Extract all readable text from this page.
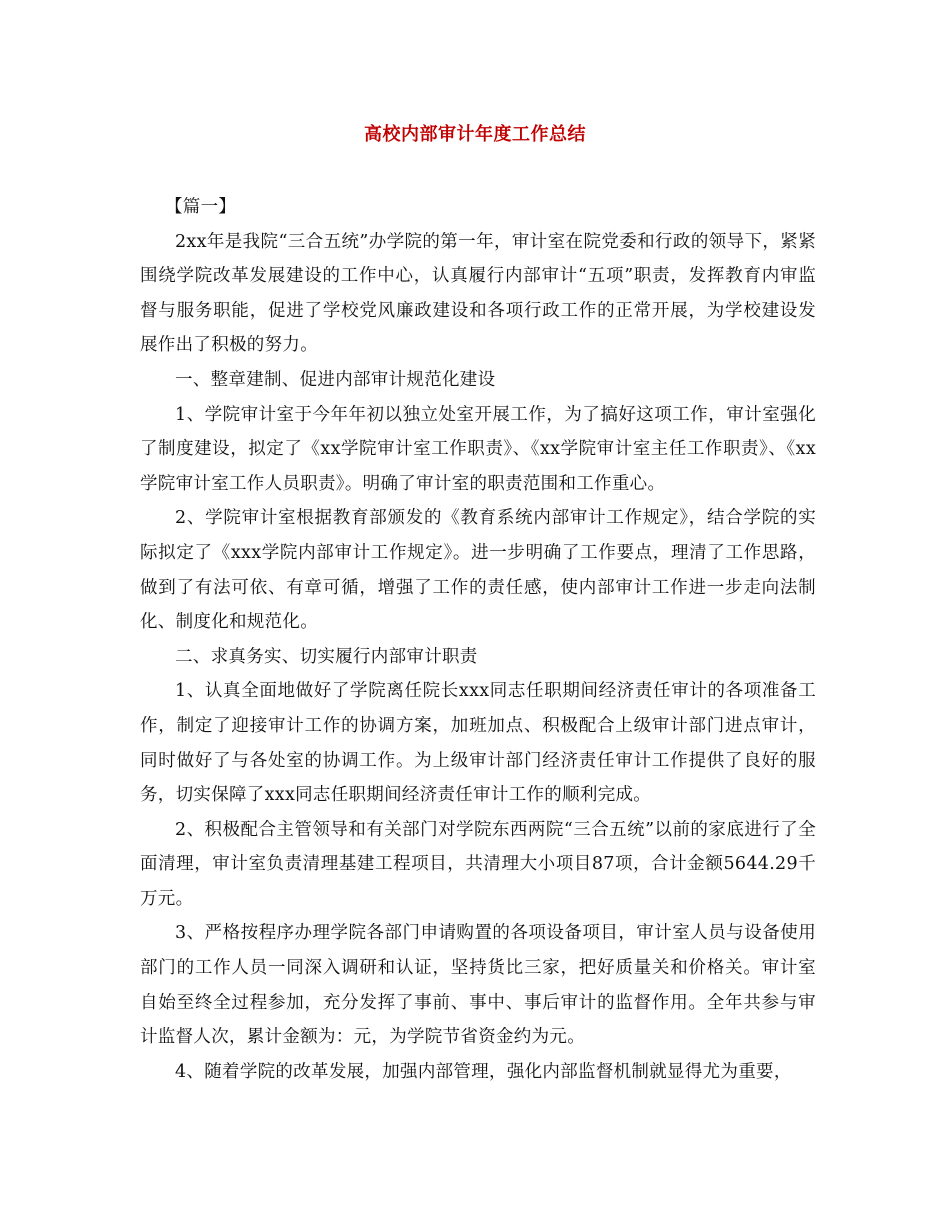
高校内部审计年度工作总结

【篇一】

2xx年是我院“三合五统”办学院的第一年，审计室在院党委和行政的领导下，紧紧围绕学院改革发展建设的工作中心，认真履行内部审计“五项”职责，发挥教育内审监督与服务职能，促进了学校党风廉政建设和各项行政工作的正常开展，为学校建设发展作出了积极的努力。

一、整章建制、促进内部审计规范化建设

1、学院审计室于今年年初以独立处室开展工作，为了搞好这项工作，审计室强化了制度建设，拟定了《xx学院审计室工作职责》、《xx学院审计室主任工作职责》、《xx学院审计室工作人员职责》。明确了审计室的职责范围和工作重心。

2、学院审计室根据教育部颁发的《教育系统内部审计工作规定》，结合学院的实际拟定了《xxx学院内部审计工作规定》。进一步明确了工作要点，理清了工作思路，做到了有法可依、有章可循，增强了工作的责任感，使内部审计工作进一步走向法制化、制度化和规范化。

二、求真务实、切实履行内部审计职责

1、认真全面地做好了学院离任院长xxx同志任职期间经济责任审计的各项准备工作，制定了迎接审计工作的协调方案，加班加点、积极配合上级审计部门进点审计，同时做好了与各处室的协调工作。为上级审计部门经济责任审计工作提供了良好的服务，切实保障了xxx同志任职期间经济责任审计工作的顺利完成。

2、积极配合主管领导和有关部门对学院东西两院“三合五统”以前的家底进行了全面清理，审计室负责清理基建工程项目，共清理大小项目87项，合计金额5644.29千万元。

3、严格按程序办理学院各部门申请购置的各项设备项目，审计室人员与设备使用部门的工作人员一同深入调研和认证，坚持货比三家，把好质量关和价格关。审计室自始至终全过程参加，充分发挥了事前、事中、事后审计的监督作用。全年共参与审计监督人次，累计金额为：元，为学院节省资金约为元。

4、随着学院的改革发展，加强内部管理，强化内部监督机制就显得尤为重要，
